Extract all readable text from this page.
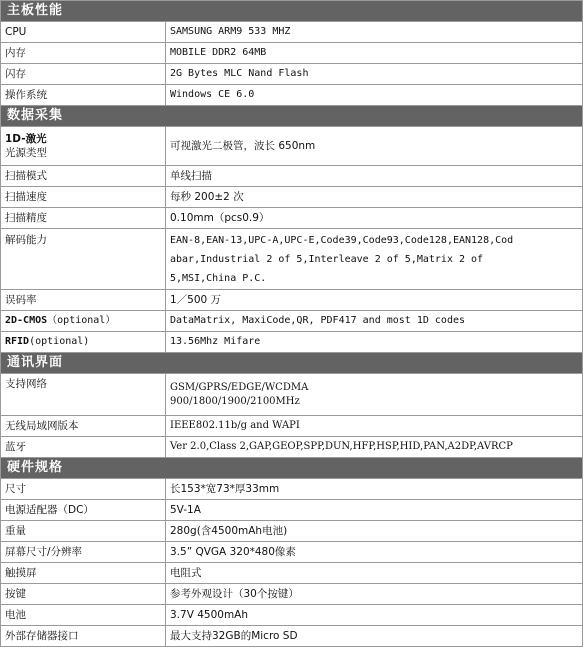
主板性能	
CPU	SAMSUNG ARM9 533 MHZ
内存	MOBILE DDR2 64MB
闪存	2G Bytes MLC Nand Flash
操作系统	Windows CE 6.0
数据采集	

1D-激光
光源类型	可视激光二极管，波长 650nm
扫描模式	单线扫描
扫描速度	每秒 200±2 次
扫描精度	0.10mm（pcs0.9）
解码能力	EAN-8,EAN-13,UPC-A,UPC-E,Code39,Code93,Code128,EAN128,Cod
abar,Industrial 2 of 5,Interleave 2 of 5,Matrix 2 of
5,MSI,China P.C.

误码率	1／500 万
2D-CMOS（optional）	DataMatrix, MaxiCode,QR, PDF417 and most 1D codes
RFID(optional)	13.56Mhz Mifare
通讯界面	
支持网络	GSM/GPRS/EDGE/WCDMA
900/1800/1900/2100MHz

无线局域网版本	IEEE802.11b/g and WAPI
蓝牙	Ver 2.0,Class 2,GAP,GEOP,SPP,DUN,HFP,HSP,HID,PAN,A2DP,AVRCP
硬件规格	
尺寸	长153*宽73*厚33mm
电源适配器（DC）	5V-1A
重量	280g(含4500mAh电池)
屏幕尺寸/分辨率	3.5” QVGA 320*480像素
触摸屏	电阻式
按键	参考外观设计（30个按键）
电池	3.7V 4500mAh
外部存储器接口	最大支持32GB的Micro SD
